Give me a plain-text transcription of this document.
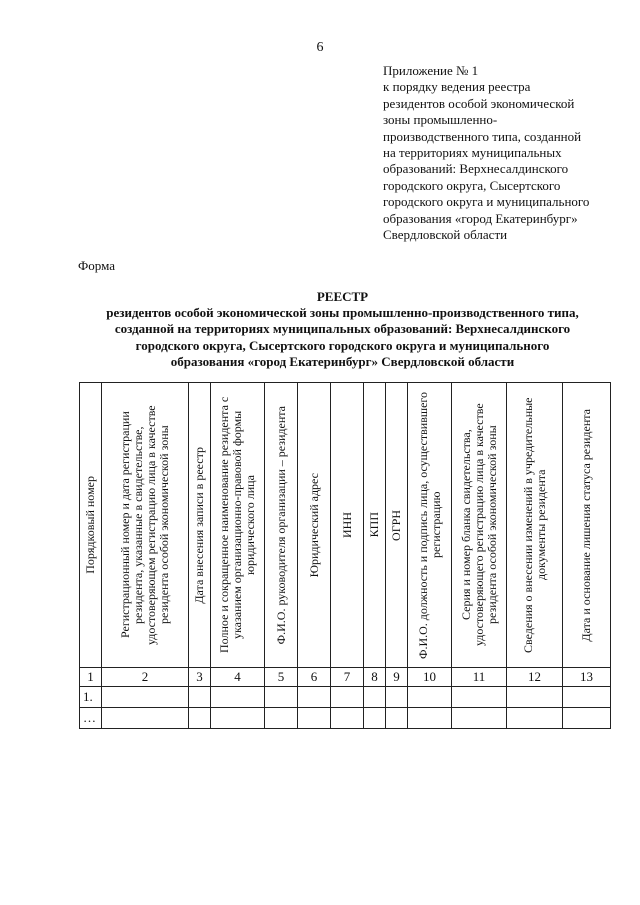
6
Приложение № 1
к порядку ведения реестра
резидентов особой экономической
зоны промышленно-
производственного типа, созданной
на территориях муниципальных
образований: Верхнесалдинского
городского округа, Сысертского
городского округа и муниципального
образования «город Екатеринбург»
Свердловской области
Форма
РЕЕСТР
резидентов особой экономической зоны промышленно-производственного типа,
созданной на территориях муниципальных образований: Верхнесалдинского
городского округа, Сысертского городского округа и муниципального
образования «город Екатеринбург» Свердловской области
Порядковый номер	Регистрационный номер и дата регистрации резидента, указанные в свидетельстве, удостоверяющем регистрацию лица в качестве резидента особой экономической зоны	Дата внесения записи в реестр	Полное и сокращенное наименование резидента с указанием организационно-правовой формы юридического лица	Ф.И.О. руководителя организации – резидента	Юридический адрес	ИНН	КПП	ОГРН	Ф.И.О. должность и подпись лица, осуществившего регистрацию	Серия и номер бланка свидетельства, удостоверяющего регистрацию лица в качестве резидента особой экономической зоны	Сведения о внесении изменений в учредительные документы резидента	Дата и основание лишения статуса резидента

1	2	3	4	5	6	7	8	9	10	11	12	13
1.												
…												
